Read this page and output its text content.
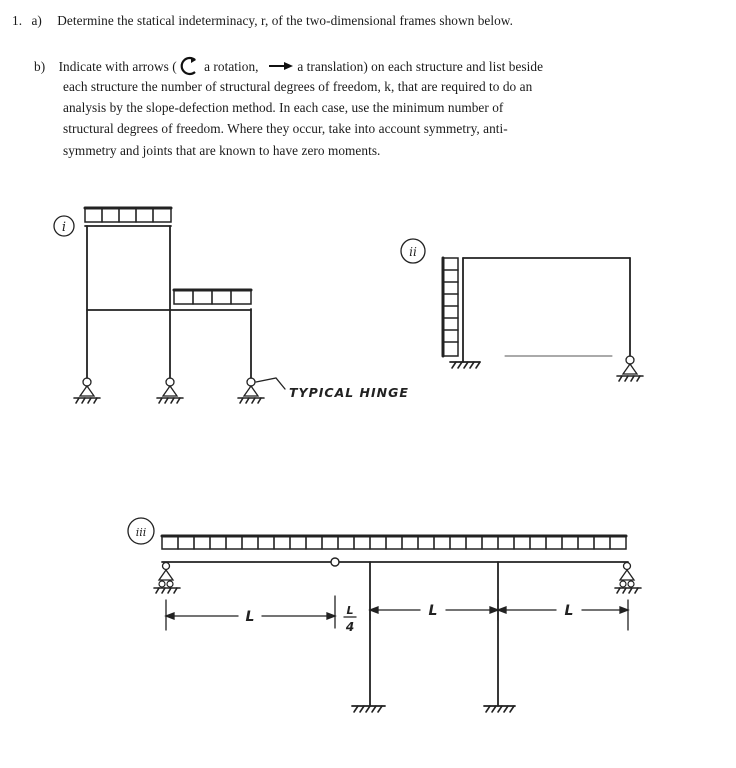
1. a) Determine the statical indeterminacy, r, of the two-dimensional frames shown below.
b) Indicate with arrows ( a rotation,	a translation) on each structure and list beside
each structure the number of structural degrees of freedom, k, that are required to do an
analysis by the slope-defection method. In each case, use the minimum number of
structural degrees of freedom. Where they occur, take into account symmetry, anti-
symmetry and joints that are known to have zero moments.
i
TYPICAL HINGE
ii
iii
L	L	L
L
4
